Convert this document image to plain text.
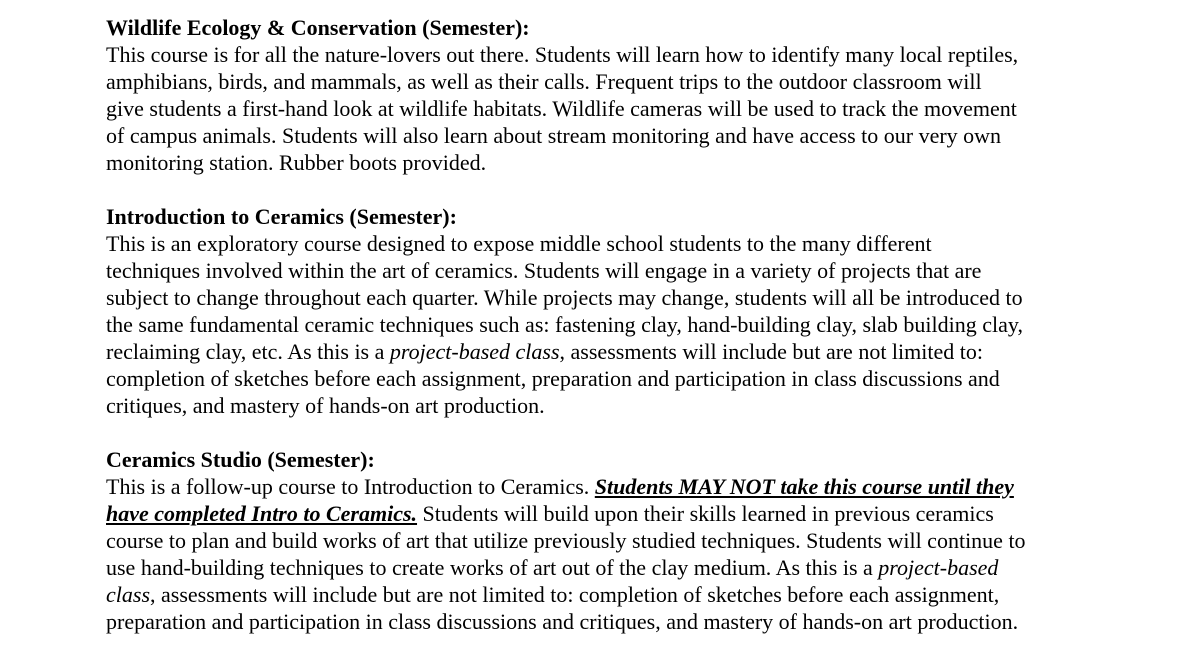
Wildlife Ecology & Conservation (Semester):
This course is for all the nature-lovers out there. Students will learn how to identify many local reptiles,
amphibians, birds, and mammals, as well as their calls. Frequent trips to the outdoor classroom will
give students a first-hand look at wildlife habitats. Wildlife cameras will be used to track the movement
of campus animals. Students will also learn about stream monitoring and have access to our very own
monitoring station. Rubber boots provided.
Introduction to Ceramics (Semester):
This is an exploratory course designed to expose middle school students to the many different
techniques involved within the art of ceramics. Students will engage in a variety of projects that are
subject to change throughout each quarter. While projects may change, students will all be introduced to
the same fundamental ceramic techniques such as: fastening clay, hand-building clay, slab building clay,
reclaiming clay, etc. As this is a project-based class, assessments will include but are not limited to:
completion of sketches before each assignment, preparation and participation in class discussions and
critiques, and mastery of hands-on art production.
Ceramics Studio (Semester):
This is a follow-up course to Introduction to Ceramics. Students MAY NOT take this course until they
have completed Intro to Ceramics. Students will build upon their skills learned in previous ceramics
course to plan and build works of art that utilize previously studied techniques. Students will continue to
use hand-building techniques to create works of art out of the clay medium. As this is a project-based
class, assessments will include but are not limited to: completion of sketches before each assignment,
preparation and participation in class discussions and critiques, and mastery of hands-on art production.
